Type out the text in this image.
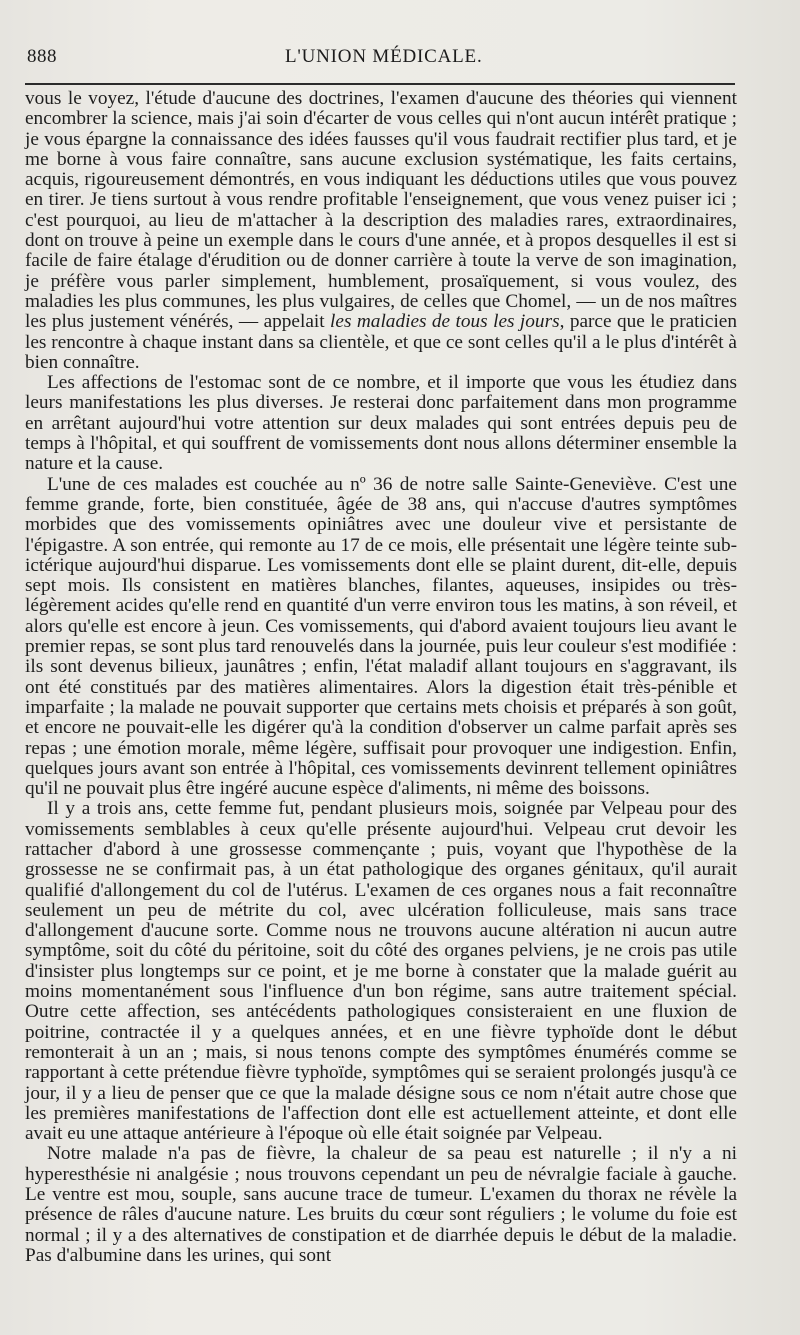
888	L'UNION MÉDICALE.

vous le voyez, l'étude d'aucune des doctrines, l'examen d'aucune des théories qui viennent encombrer la science, mais j'ai soin d'écarter de vous celles qui n'ont aucun intérêt pratique ; je vous épargne la connaissance des idées fausses qu'il vous faudrait rectifier plus tard, et je me borne à vous faire connaître, sans aucune exclusion systématique, les faits certains, acquis, rigoureusement démontrés, en vous indiquant les déductions utiles que vous pouvez en tirer. Je tiens surtout à vous rendre profitable l'enseignement, que vous venez puiser ici ; c'est pourquoi, au lieu de m'attacher à la description des maladies rares, extraordinaires, dont on trouve à peine un exemple dans le cours d'une année, et à propos desquelles il est si facile de faire étalage d'érudition ou de donner carrière à toute la verve de son imagination, je préfère vous parler simplement, humblement, prosaïquement, si vous voulez, des maladies les plus communes, les plus vulgaires, de celles que Chomel, — un de nos maîtres les plus justement vénérés, — appelait les maladies de tous les jours, parce que le praticien les rencontre à chaque instant dans sa clientèle, et que ce sont celles qu'il a le plus d'intérêt à bien connaître.

Les affections de l'estomac sont de ce nombre, et il importe que vous les étudiez dans leurs manifestations les plus diverses. Je resterai donc parfaitement dans mon programme en arrêtant aujourd'hui votre attention sur deux malades qui sont entrées depuis peu de temps à l'hôpital, et qui souffrent de vomissements dont nous allons déterminer ensemble la nature et la cause.

L'une de ces malades est couchée au nº 36 de notre salle Sainte-Geneviève. C'est une femme grande, forte, bien constituée, âgée de 38 ans, qui n'accuse d'autres symptômes morbides que des vomissements opiniâtres avec une douleur vive et persistante de l'épigastre. A son entrée, qui remonte au 17 de ce mois, elle présentait une légère teinte sub-ictérique aujourd'hui disparue. Les vomissements dont elle se plaint durent, dit-elle, depuis sept mois. Ils consistent en matières blanches, filantes, aqueuses, insipides ou très-légèrement acides qu'elle rend en quantité d'un verre environ tous les matins, à son réveil, et alors qu'elle est encore à jeun. Ces vomissements, qui d'abord avaient toujours lieu avant le premier repas, se sont plus tard renouvelés dans la journée, puis leur couleur s'est modifiée : ils sont devenus bilieux, jaunâtres ; enfin, l'état maladif allant toujours en s'aggravant, ils ont été constitués par des matières alimentaires. Alors la digestion était très-pénible et imparfaite ; la malade ne pouvait supporter que certains mets choisis et préparés à son goût, et encore ne pouvait-elle les digérer qu'à la condition d'observer un calme parfait après ses repas ; une émotion morale, même légère, suffisait pour provoquer une indigestion. Enfin, quelques jours avant son entrée à l'hôpital, ces vomissements devinrent tellement opiniâtres qu'il ne pouvait plus être ingéré aucune espèce d'aliments, ni même des boissons.

Il y a trois ans, cette femme fut, pendant plusieurs mois, soignée par Velpeau pour des vomissements semblables à ceux qu'elle présente aujourd'hui. Velpeau crut devoir les rattacher d'abord à une grossesse commençante ; puis, voyant que l'hypothèse de la grossesse ne se confirmait pas, à un état pathologique des organes génitaux, qu'il aurait qualifié d'allongement du col de l'utérus. L'examen de ces organes nous a fait reconnaître seulement un peu de métrite du col, avec ulcération folliculeuse, mais sans trace d'allongement d'aucune sorte. Comme nous ne trouvons aucune altération ni aucun autre symptôme, soit du côté du péritoine, soit du côté des organes pelviens, je ne crois pas utile d'insister plus longtemps sur ce point, et je me borne à constater que la malade guérit au moins momentanément sous l'influence d'un bon régime, sans autre traitement spécial. Outre cette affection, ses antécédents pathologiques consisteraient en une fluxion de poitrine, contractée il y a quelques années, et en une fièvre typhoïde dont le début remonterait à un an ; mais, si nous tenons compte des symptômes énumérés comme se rapportant à cette prétendue fièvre typhoïde, symptômes qui se seraient prolongés jusqu'à ce jour, il y a lieu de penser que ce que la malade désigne sous ce nom n'était autre chose que les premières manifestations de l'affection dont elle est actuellement atteinte, et dont elle avait eu une attaque antérieure à l'époque où elle était soignée par Velpeau.

Notre malade n'a pas de fièvre, la chaleur de sa peau est naturelle ; il n'y a ni hyperesthésie ni analgésie ; nous trouvons cependant un peu de névralgie faciale à gauche. Le ventre est mou, souple, sans aucune trace de tumeur. L'examen du thorax ne révèle la présence de râles d'aucune nature. Les bruits du cœur sont réguliers ; le volume du foie est normal ; il y a des alternatives de constipation et de diarrhée depuis le début de la maladie. Pas d'albumine dans les urines, qui sont
